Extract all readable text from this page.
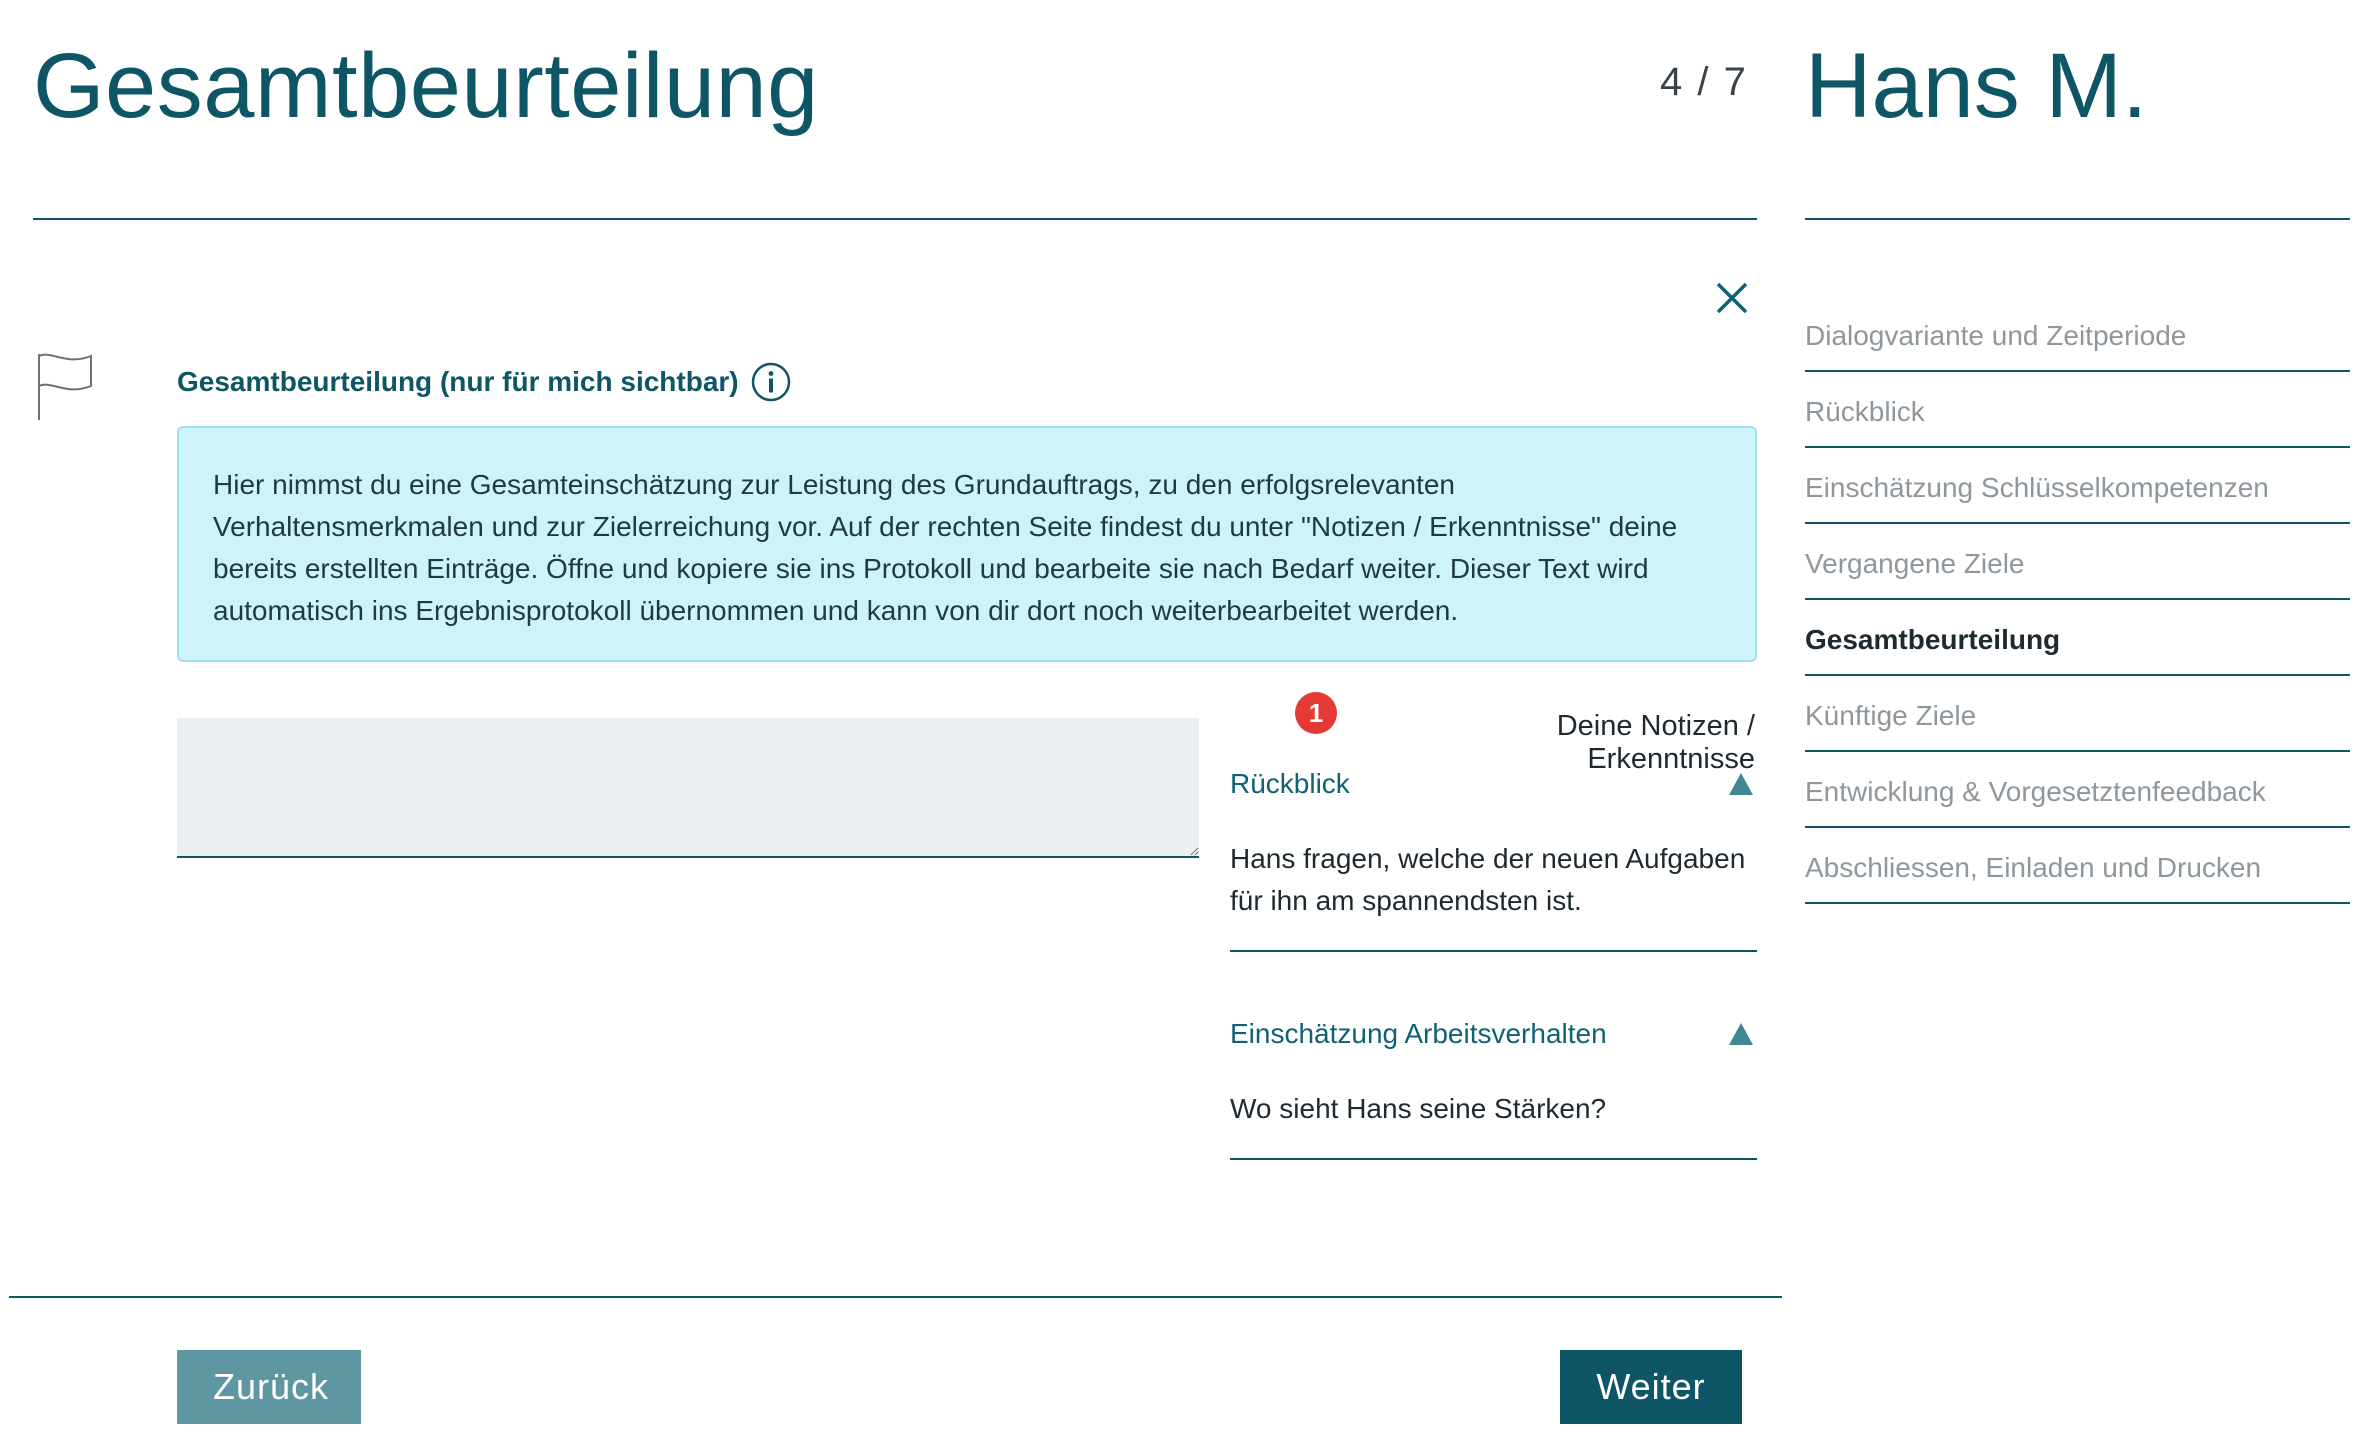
Gesamtbeurteilung	4 / 7 Hans M.
Gesamtbeurteilung (nur für mich sichtbar)
Hier nimmst du eine Gesamteinschätzung zur Leistung des Grundauftrags, zu den erfolgsrelevanten Verhaltensmerkmalen und zur Zielerreichung vor. Auf der rechten Seite findest du unter "Notizen / Erkenntnisse" deine bereits erstellten Einträge. Öffne und kopiere sie ins Protokoll und bearbeite sie nach Bedarf weiter. Dieser Text wird automatisch ins Ergebnisprotokoll übernommen und kann von dir dort noch weiterbearbeitet werden.
1	Deine Notizen / Erkenntnisse
Rückblick
Hans fragen, welche der neuen Aufgaben für ihn am spannendsten ist.
Einschätzung Arbeitsverhalten
Wo sieht Hans seine Stärken?
Dialogvariante und Zeitperiode
Rückblick
Einschätzung Schlüsselkompetenzen
Vergangene Ziele
Gesamtbeurteilung
Künftige Ziele
Entwicklung & Vorgesetztenfeedback
Abschliessen, Einladen und Drucken
Zurück	Weiter
